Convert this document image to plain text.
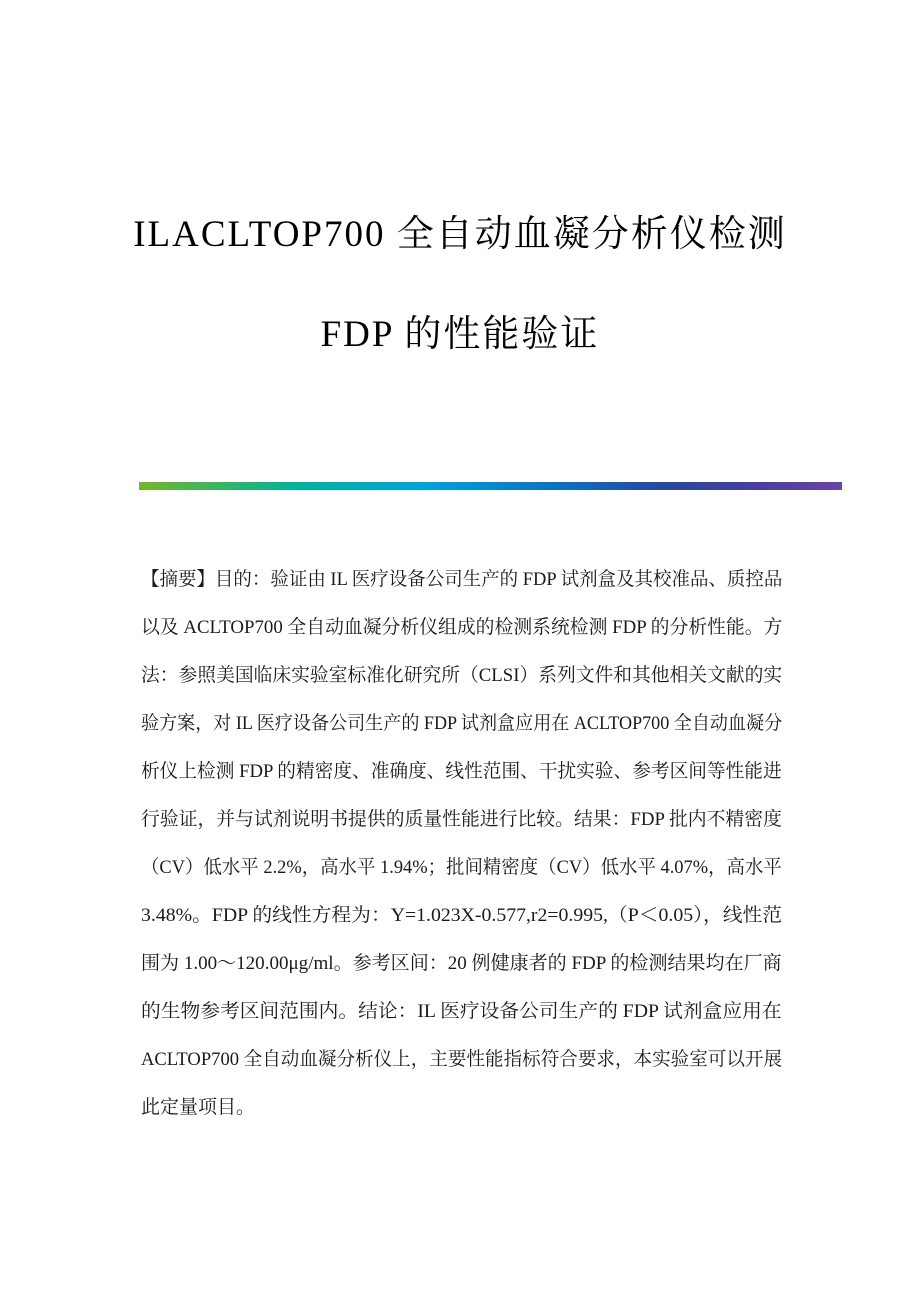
ILACLTOP700 全自动血凝分析仪检测
FDP 的性能验证
【摘要】目的：验证由 IL 医疗设备公司生产的 FDP 试剂盒及其校准品、质控品
以及 ACLTOP700 全自动血凝分析仪组成的检测系统检测 FDP 的分析性能。方
法：参照美国临床实验室标准化研究所（CLSI）系列文件和其他相关文献的实
验方案，对 IL 医疗设备公司生产的 FDP 试剂盒应用在 ACLTOP700 全自动血凝分
析仪上检测 FDP 的精密度、准确度、线性范围、干扰实验、参考区间等性能进
行验证，并与试剂说明书提供的质量性能进行比较。结果：FDP 批内不精密度
（CV）低水平 2.2%，高水平 1.94%；批间精密度（CV）低水平 4.07%，高水平
3.48%。FDP 的线性方程为：Y=1.023X-0.577,r2=0.995,（P＜0.05），线性范
围为 1.00～120.00μg/ml。参考区间：20 例健康者的 FDP 的检测结果均在厂商
的生物参考区间范围内。结论：IL 医疗设备公司生产的 FDP 试剂盒应用在
ACLTOP700 全自动血凝分析仪上，主要性能指标符合要求，本实验室可以开展
此定量项目。
